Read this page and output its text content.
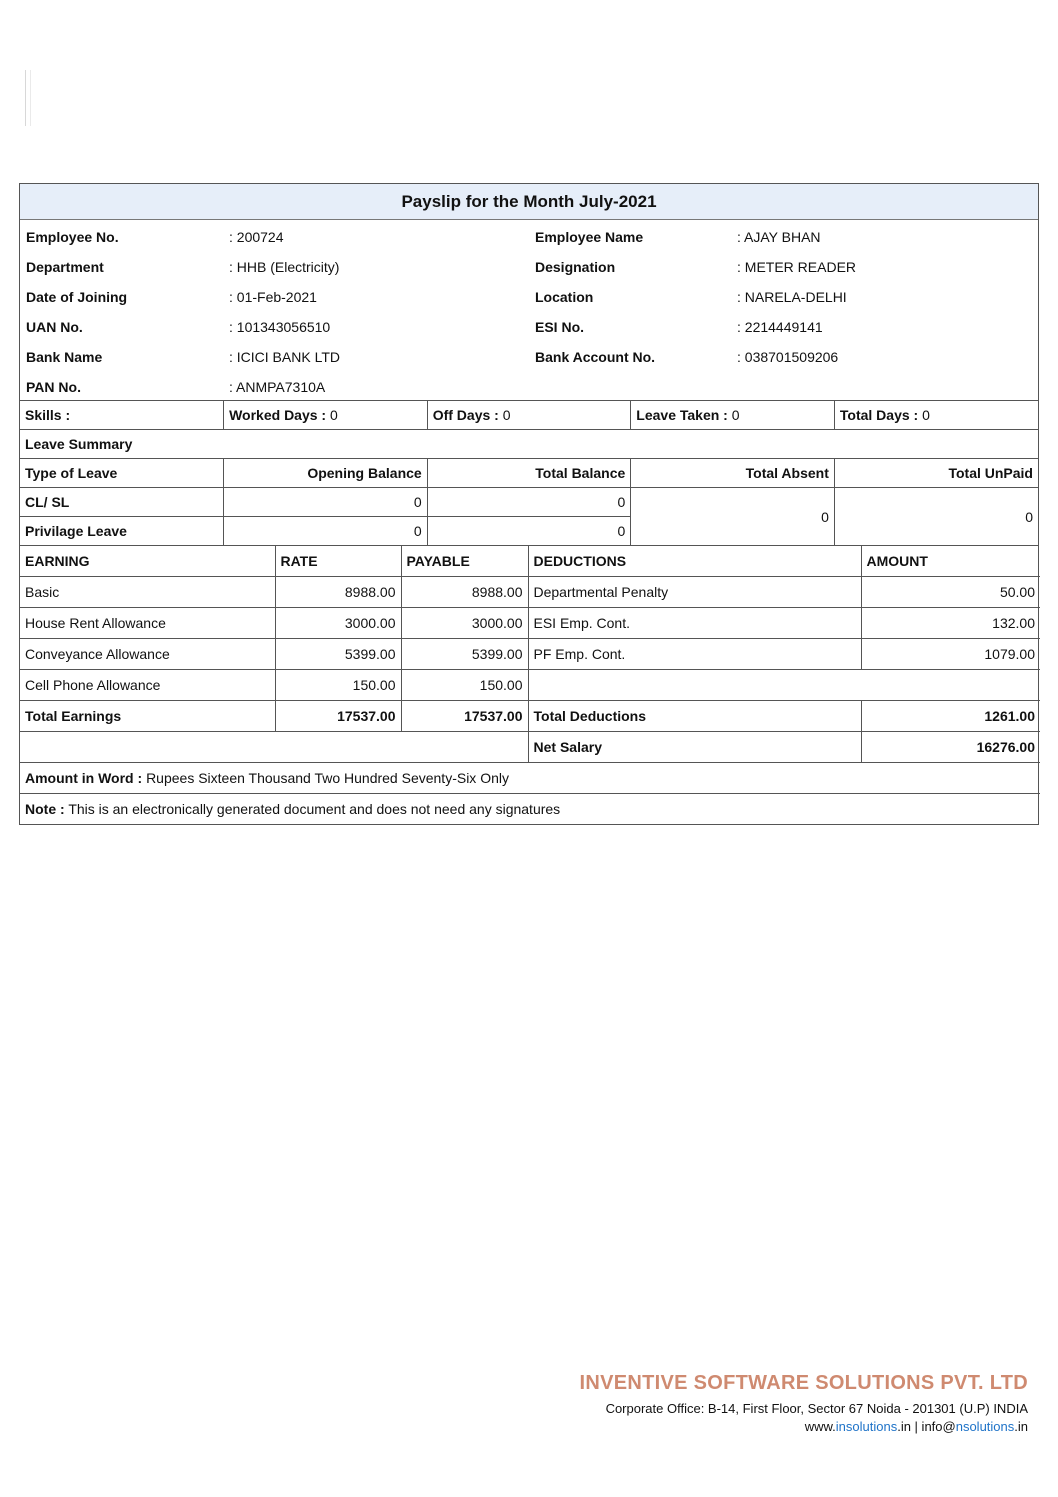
Payslip for the Month July-2021
Employee No.	: 200724	Employee Name	: AJAY BHAN
Department	: HHB (Electricity)	Designation	: METER READER
Date of Joining	: 01-Feb-2021	Location	: NARELA-DELHI
UAN No.	: 101343056510	ESI No.	: 2214449141
Bank Name	: ICICI BANK LTD	Bank Account No.	: 038701509206
PAN No.	: ANMPA7310A
Skills :	Worked Days : 0	Off Days : 0	Leave Taken : 0	Total Days : 0
Leave Summary				
Type of Leave	Opening Balance	Total Balance	Total Absent	Total UnPaid
CL/ SL	0	0	0	0
Privilage Leave	0	0		
EARNING	RATE	PAYABLE	DEDUCTIONS	AMOUNT
Basic	8988.00	8988.00	Departmental Penalty	50.00
House Rent Allowance	3000.00	3000.00	ESI Emp. Cont.	132.00
Conveyance Allowance	5399.00	5399.00	PF Emp. Cont.	1079.00
Cell Phone Allowance	150.00	150.00		
Total Earnings	17537.00	17537.00	Total Deductions	1261.00
			Net Salary	16276.00
Amount in Word : Rupees Sixteen Thousand Two Hundred Seventy-Six Only				
Note : This is an electronically generated document and does not need any signatures				
INVENTIVE SOFTWARE SOLUTIONS PVT. LTD
Corporate Office: B-14, First Floor, Sector 67 Noida - 201301 (U.P) INDIA
www.insolutions.in | info@nsolutions.in
